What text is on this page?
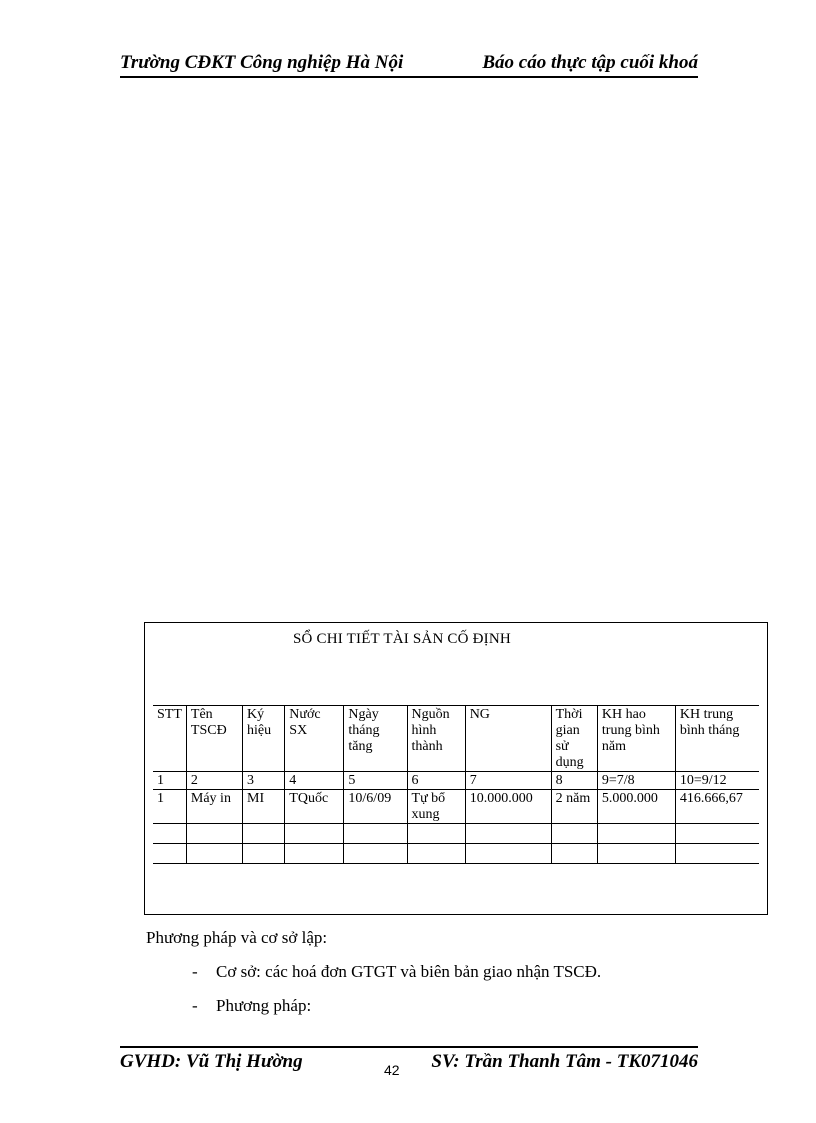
Trường CĐKT Công nghiệp Hà Nội	Báo cáo thực tập cuối khoá
SỔ CHI TIẾT TÀI SẢN CỐ ĐỊNH
STT	Tên TSCĐ	Ký hiệu	Nước SX	Ngày tháng tăng	Nguồn hình thành	NG	Thời gian sử dụng	KH hao trung bình năm	KH trung bình tháng
1	2	3	4	5	6	7	8	9=7/8	10=9/12
1	Máy in	MI	TQuốc	10/6/09	Tự bổ xung	10.000.000	2 năm	5.000.000	416.666,67

Phương pháp và cơ sở lập:
- Cơ sở: các hoá đơn GTGT và biên bản giao nhận TSCĐ.
- Phương pháp:
GVHD: Vũ Thị Hường	42 SV: Trần Thanh Tâm - TK071046
